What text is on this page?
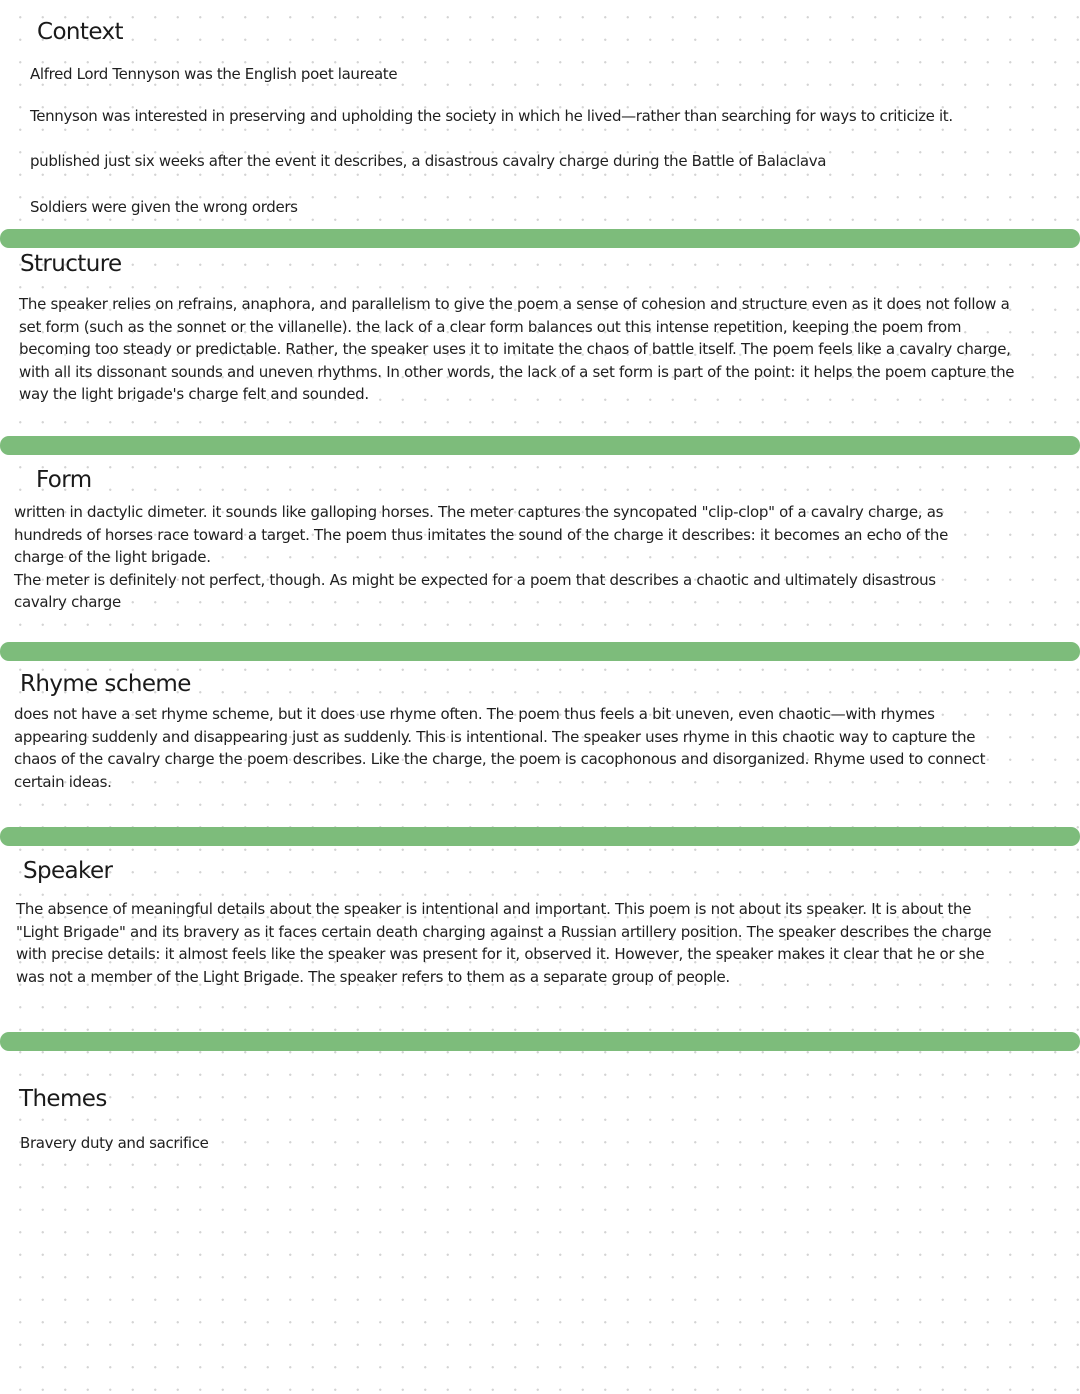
Context
Alfred Lord Tennyson was the English poet laureate
Tennyson was interested in preserving and upholding the society in which he lived—rather than searching for ways to criticize it.
published just six weeks after the event it describes, a disastrous cavalry charge during the Battle of Balaclava
Soldiers were given the wrong orders
Structure
The speaker relies on refrains, anaphora, and parallelism to give the poem a sense of cohesion and structure even as it does not follow a set form (such as the sonnet or the villanelle). the lack of a clear form balances out this intense repetition, keeping the poem from becoming too steady or predictable. Rather, the speaker uses it to imitate the chaos of battle itself. The poem feels like a cavalry charge, with all its dissonant sounds and uneven rhythms. In other words, the lack of a set form is part of the point: it helps the poem capture the way the light brigade's charge felt and sounded.
Form

written in dactylic dimeter. it sounds like galloping horses. The meter captures the syncopated "clip-clop" of a cavalry charge, as hundreds of horses race toward a target. The poem thus imitates the sound of the charge it describes: it becomes an echo of the charge of the light brigade.

The meter is definitely not perfect, though. As might be expected for a poem that describes a chaotic and ultimately disastrous cavalry charge

Rhyme scheme
does not have a set rhyme scheme, but it does use rhyme often. The poem thus feels a bit uneven, even chaotic—with rhymes appearing suddenly and disappearing just as suddenly. This is intentional. The speaker uses rhyme in this chaotic way to capture the chaos of the cavalry charge the poem describes. Like the charge, the poem is cacophonous and disorganized. Rhyme used to connect certain ideas.
Speaker
The absence of meaningful details about the speaker is intentional and important. This poem is not about its speaker. It is about the "Light Brigade" and its bravery as it faces certain death charging against a Russian artillery position. The speaker describes the charge with precise details: it almost feels like the speaker was present for it, observed it. However, the speaker makes it clear that he or she was not a member of the Light Brigade. The speaker refers to them as a separate group of people.
Themes
Bravery duty and sacrifice
